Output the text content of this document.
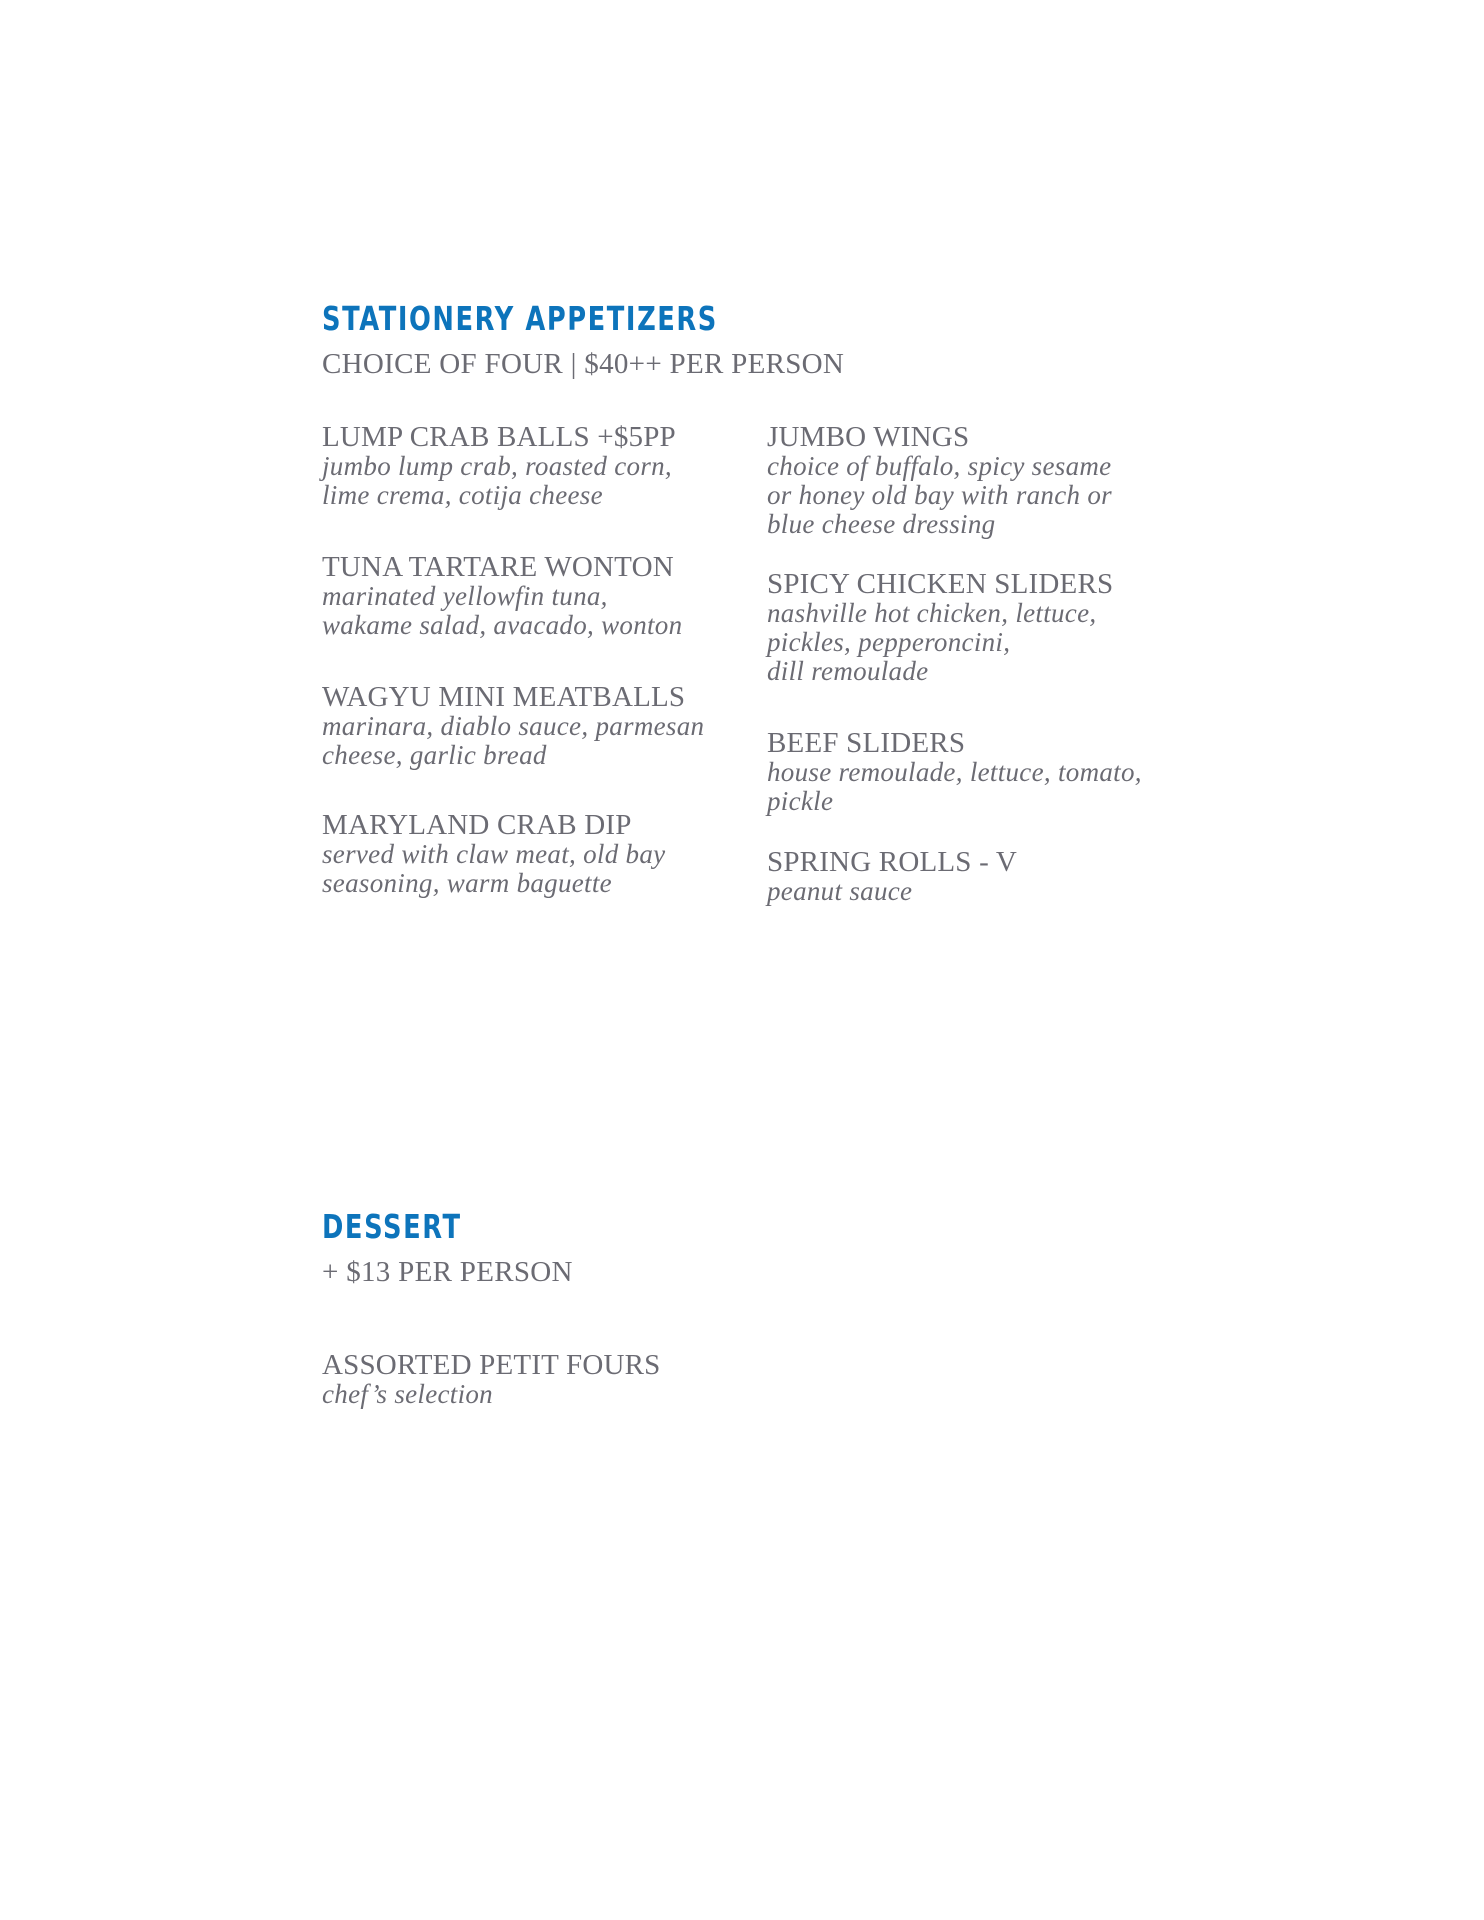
STATIONERY APPETIZERS
CHOICE OF FOUR | $40++ PER PERSON
LUMP CRAB BALLS +$5PP
jumbo lump crab, roasted corn,
lime crema, cotija cheese
TUNA TARTARE WONTON
marinated yellowfin tuna,
wakame salad, avacado, wonton
WAGYU MINI MEATBALLS
marinara, diablo sauce, parmesan
cheese, garlic bread
MARYLAND CRAB DIP
served with claw meat, old bay
seasoning, warm baguette
JUMBO WINGS
choice of buffalo, spicy sesame
or honey old bay with ranch or
blue cheese dressing
SPICY CHICKEN SLIDERS
nashville hot chicken, lettuce,
pickles, pepperoncini,
dill remoulade
BEEF SLIDERS
house remoulade, lettuce, tomato,
pickle
SPRING ROLLS - V
peanut sauce
DESSERT
+ $13 PER PERSON
ASSORTED PETIT FOURS
chef’s selection
